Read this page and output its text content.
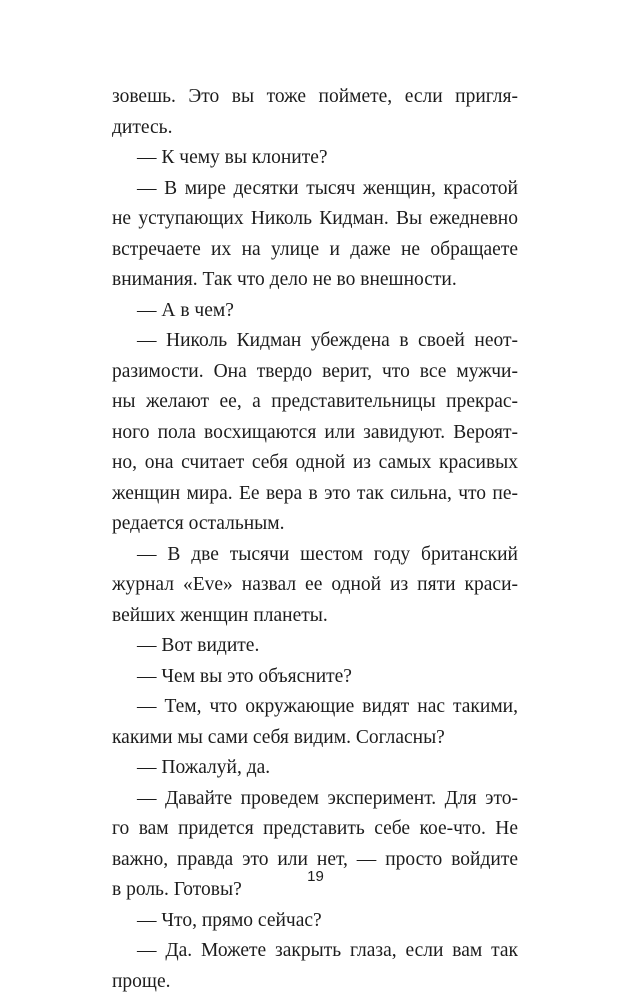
зовешь. Это вы тоже поймете, если пригля-
дитесь.
— К чему вы клоните?
— В мире десятки тысяч женщин, красотой
не уступающих Николь Кидман. Вы ежедневно
встречаете их на улице и даже не обращаете
внимания. Так что дело не во внешности.
— А в чем?
— Николь Кидман убеждена в своей неот-
разимости. Она твердо верит, что все мужчи-
ны желают ее, а представительницы прекрас-
ного пола восхищаются или завидуют. Вероят-
но, она считает себя одной из самых красивых
женщин мира. Ее вера в это так сильна, что пе-
редается остальным.
— В две тысячи шестом году британский
журнал «Eve» назвал ее одной из пяти краси-
вейших женщин планеты.
— Вот видите.
— Чем вы это объясните?
— Тем, что окружающие видят нас такими,
какими мы сами себя видим. Согласны?
— Пожалуй, да.
— Давайте проведем эксперимент. Для это-
го вам придется представить себе кое-что. Не
важно, правда это или нет, — просто войдите
в роль. Готовы?
— Что, прямо сейчас?
— Да. Можете закрыть глаза, если вам так
проще.
19
